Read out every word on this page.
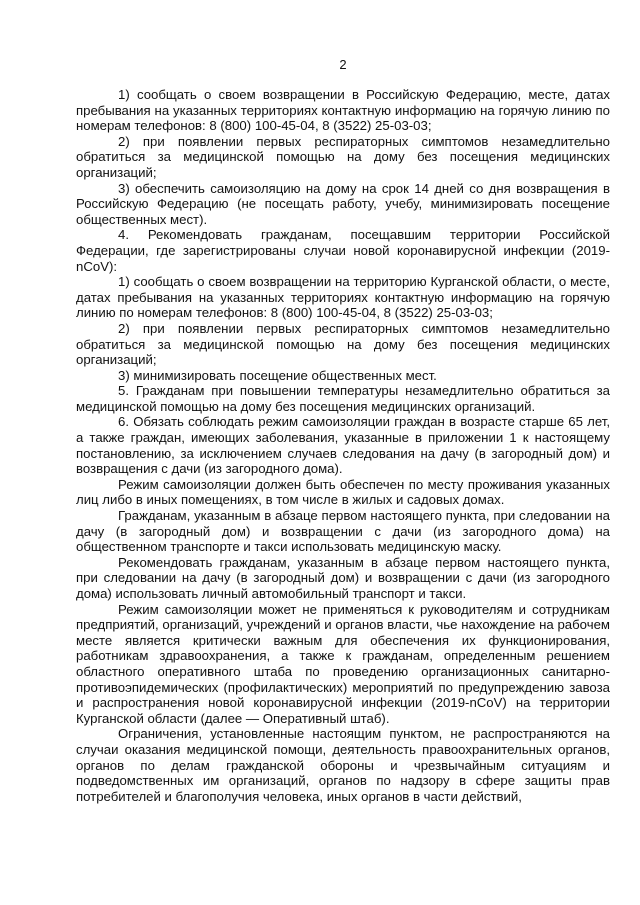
2

1) сообщать о своем возвращении в Российскую Федерацию, месте, датах пребывания на указанных территориях контактную информацию на горячую линию по номерам телефонов: 8 (800) 100-45-04, 8 (3522) 25-03-03;

2) при появлении первых респираторных симптомов незамедлительно обратиться за медицинской помощью на дому без посещения медицинских организаций;

3) обеспечить самоизоляцию на дому на срок 14 дней со дня возвращения в Российскую Федерацию (не посещать работу, учебу, минимизировать посещение общественных мест).

4. Рекомендовать гражданам, посещавшим территории Российской Федерации, где зарегистрированы случаи новой коронавирусной инфекции (2019-nCoV):

1) сообщать о своем возвращении на территорию Курганской области, о месте, датах пребывания на указанных территориях контактную информацию на горячую линию по номерам телефонов: 8 (800) 100-45-04, 8 (3522) 25-03-03;

2) при появлении первых респираторных симптомов незамедлительно обратиться за медицинской помощью на дому без посещения медицинских организаций;

3) минимизировать посещение общественных мест.

5. Гражданам при повышении температуры незамедлительно обратиться за медицинской помощью на дому без посещения медицинских организаций.

6. Обязать соблюдать режим самоизоляции граждан в возрасте старше 65 лет, а также граждан, имеющих заболевания, указанные в приложении 1 к настоящему постановлению, за исключением случаев следования на дачу (в загородный дом) и возвращения с дачи (из загородного дома).

Режим самоизоляции должен быть обеспечен по месту проживания указанных лиц либо в иных помещениях, в том числе в жилых и садовых домах.

Гражданам, указанным в абзаце первом настоящего пункта, при следовании на дачу (в загородный дом) и возвращении с дачи (из загородного дома) на общественном транспорте и такси использовать медицинскую маску.

Рекомендовать гражданам, указанным в абзаце первом настоящего пункта, при следовании на дачу (в загородный дом) и возвращении с дачи (из загородного дома) использовать личный автомобильный транспорт и такси.

Режим самоизоляции может не применяться к руководителям и сотрудникам предприятий, организаций, учреждений и органов власти, чье нахождение на рабочем месте является критически важным для обеспечения их функционирования, работникам здравоохранения, а также к гражданам, определенным решением областного оперативного штаба по проведению организационных санитарно-противоэпидемических (профилактических) мероприятий по предупреждению завоза и распространения новой коронавирусной инфекции (2019-nCoV) на территории Курганской области (далее — Оперативный штаб).

Ограничения, установленные настоящим пунктом, не распространяются на случаи оказания медицинской помощи, деятельность правоохранительных органов, органов по делам гражданской обороны и чрезвычайным ситуациям и подведомственных им организаций, органов по надзору в сфере защиты прав потребителей и благополучия человека, иных органов в части действий,
